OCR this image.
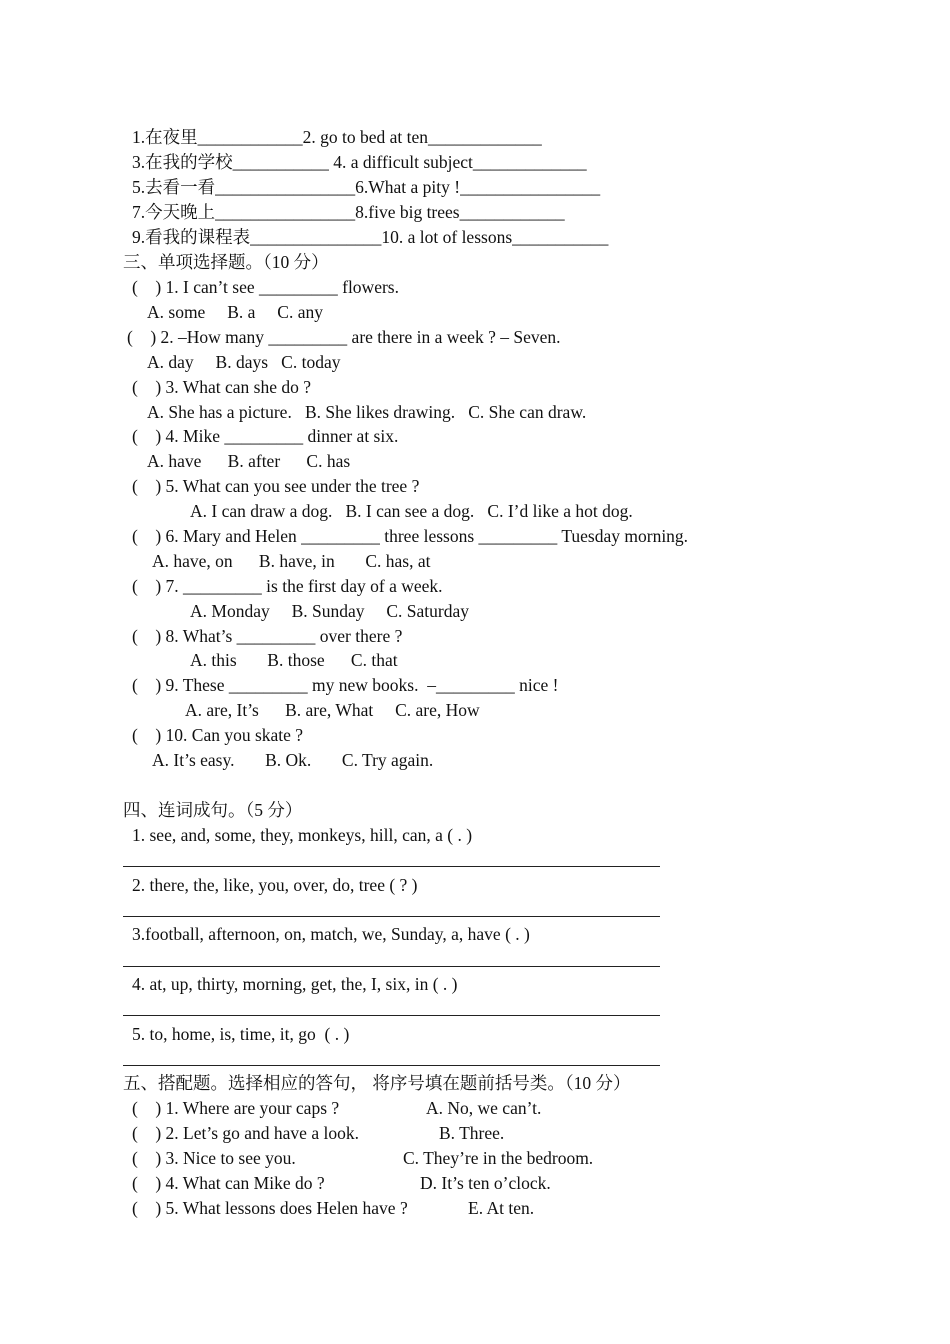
1.在夜里____________2. go to bed at ten_____________
3.在我的学校___________ 4. a difficult subject_____________
5.去看一看________________6.What a pity !________________
7.今天晚上________________8.five big trees____________
9.看我的课程表_______________10. a lot of lessons___________
三、单项选择题。（10 分）
(    ) 1. I can’t see _________ flowers.
A. some     B. a     C. any
(    ) 2. –How many _________ are there in a week ? – Seven.
A. day     B. days   C. today
(    ) 3. What can she do ?
A. She has a picture.   B. She likes drawing.   C. She can draw.
(    ) 4. Mike _________ dinner at six.
A. have      B. after      C. has
(    ) 5. What can you see under the tree ?
A. I can draw a dog.   B. I can see a dog.   C. I’d like a hot dog.
(    ) 6. Mary and Helen _________ three lessons _________ Tuesday morning.
A. have, on      B. have, in       C. has, at
(    ) 7. _________ is the first day of a week.
A. Monday     B. Sunday     C. Saturday
(    ) 8. What’s _________ over there ?
A. this       B. those      C. that
(    ) 9. These _________ my new books.  –_________ nice !
A. are, It’s      B. are, What     C. are, How
(    ) 10. Can you skate ?
A. It’s easy.       B. Ok.       C. Try again.
四、连词成句。（5 分）
1. see, and, some, they, monkeys, hill, can, a ( . )
2. there, the, like, you, over, do, tree ( ? )
3.football, afternoon, on, match, we, Sunday, a, have ( . )
4. at, up, thirty, morning, get, the, I, six, in ( . )
5. to, home, is, time, it, go  ( . )
五、搭配题。选择相应的答句， 将序号填在题前括号类。（10 分）
(    ) 1. Where are your caps ?	A. No, we can’t.
(    ) 2. Let’s go and have a look.	B. Three.
(    ) 3. Nice to see you.	C. They’re in the bedroom.
(    ) 4. What can Mike do ?	D. It’s ten o’clock.
(    ) 5. What lessons does Helen have ?	E. At ten.
